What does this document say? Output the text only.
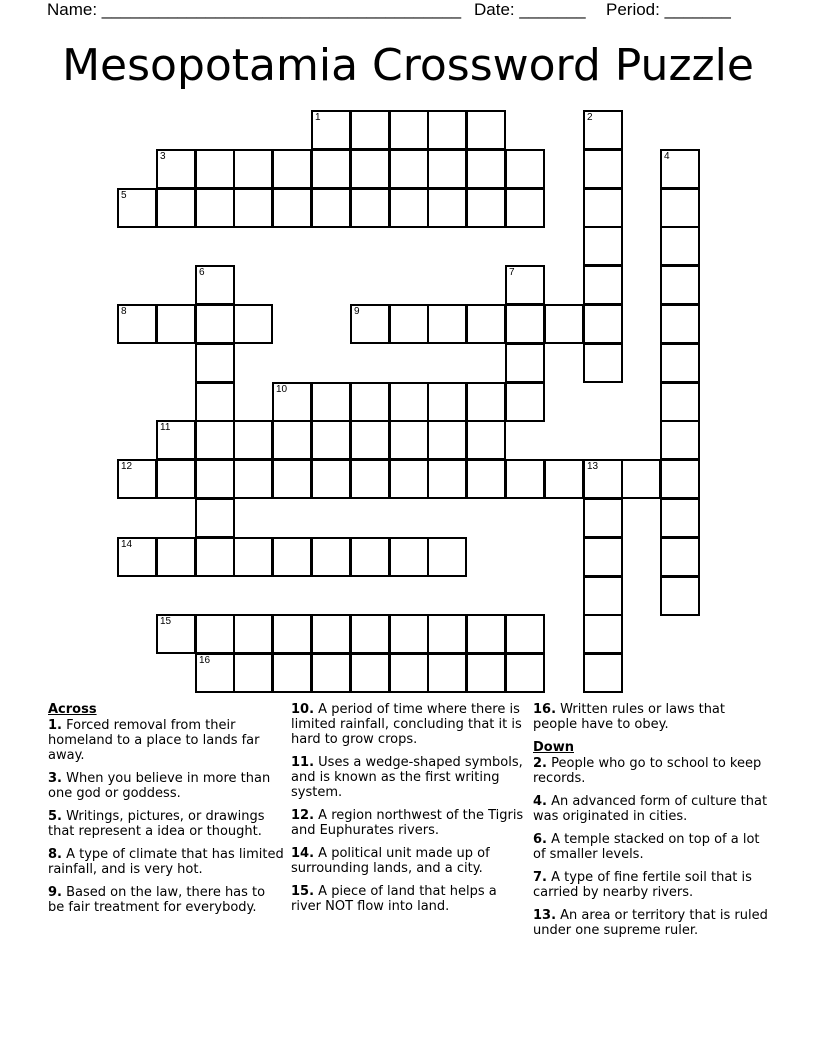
Name: ______________________________________ Date: _______ Period: _______
Mesopotamia Crossword Puzzle
1	2
3	4
5
6	7
8	9
10
11
12	13
14
15
16
Across
1. Forced removal from their homeland to a place to lands far away.
3. When you believe in more than one god or goddess.
5. Writings, pictures, or drawings that represent a idea or thought.
8. A type of climate that has limited rainfall, and is very hot.
9. Based on the law, there has to be fair treatment for everybody.
10. A period of time where there is limited rainfall, concluding that it is hard to grow crops.
11. Uses a wedge-shaped symbols, and is known as the first writing system.
12. A region northwest of the Tigris and Euphurates rivers.
14. A political unit made up of surrounding lands, and a city.
15. A piece of land that helps a river NOT flow into land.
16. Written rules or laws that people have to obey.
Down
2. People who go to school to keep records.
4. An advanced form of culture that was originated in cities.
6. A temple stacked on top of a lot of smaller levels.
7. A type of fine fertile soil that is carried by nearby rivers.
13. An area or territory that is ruled under one supreme ruler.
